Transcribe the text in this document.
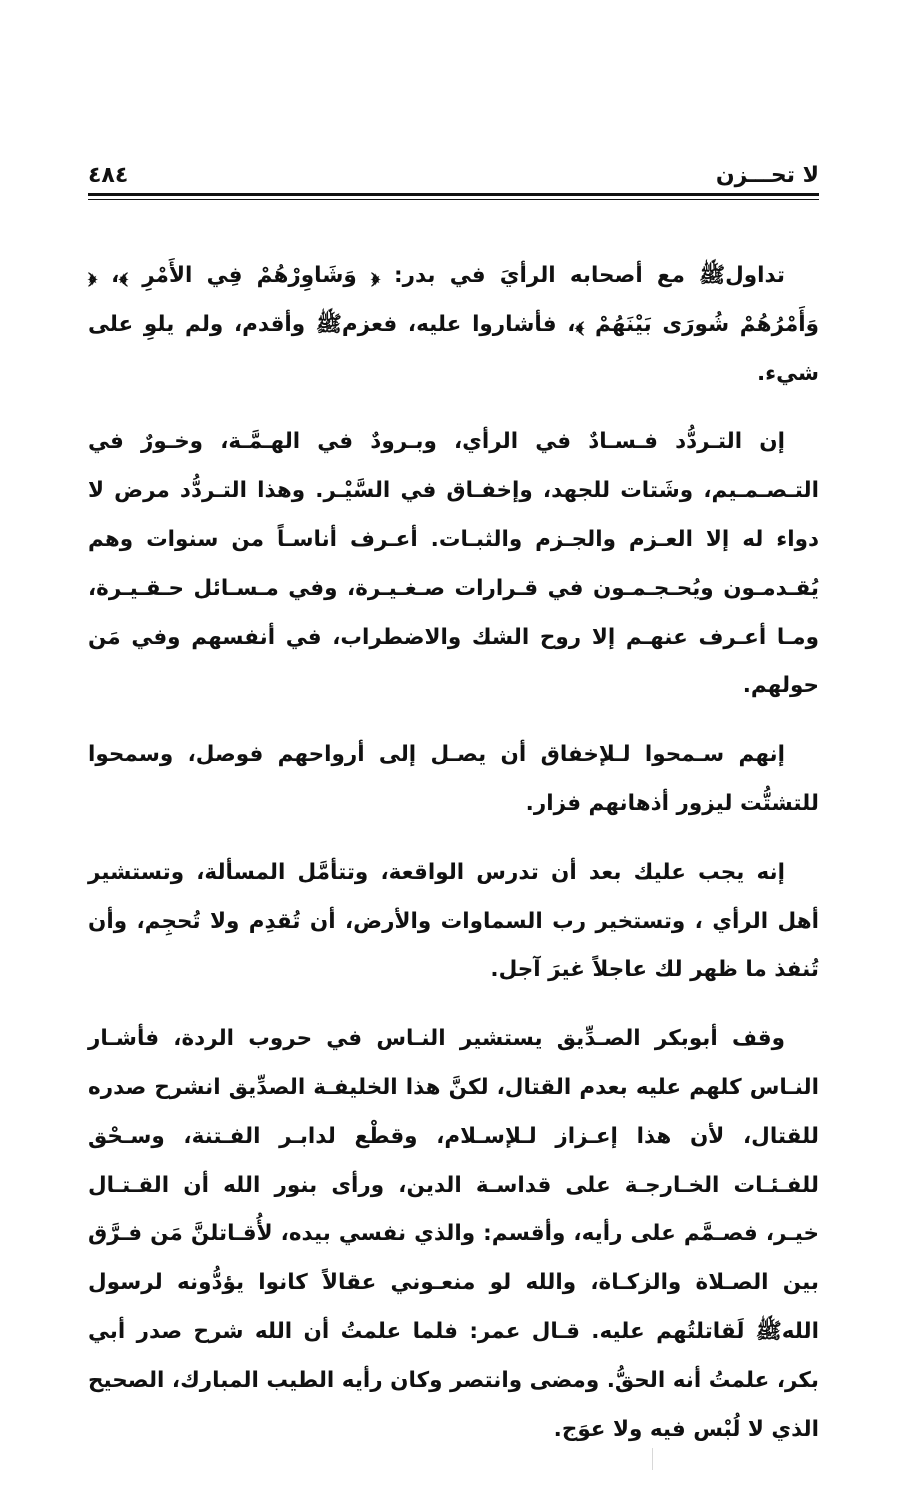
لا تحـــزن
٤٨٤

تداولﷺ مع أصحابه الرأيَ في بدر: ﴿ وَشَاوِرْهُمْ فِي الأَمْرِ ﴾، ﴿ وَأَمْرُهُمْ شُورَى بَيْنَهُمْ ﴾، فأشاروا عليه، فعزمﷺ وأقدم، ولم يلوِ على شيء.

إن التـردُّد فـسـادٌ في الرأي، وبـرودٌ في الهـمَّـة، وخـورٌ في التـصـمـيم، وشَتات للجهد، وإخفـاق في السَّيْـر. وهذا التـردُّد مرض لا دواء له إلا العـزم والجـزم والثبـات. أعـرف أناسـاً من سنوات وهم يُقـدمـون ويُحـجـمـون في قـرارات صـغـيـرة، وفي مـسـائل حـقـيـرة، ومـا أعـرف عنهـم إلا روح الشك والاضطراب، في أنفسهم وفي مَن حولهم.

إنهم سـمحوا لـلإخفاق أن يصـل إلى أرواحهم فوصل، وسمحوا للتشتُّت ليزور أذهانهم فزار.

إنه يجب عليك بعد أن تدرس الواقعة، وتتأمَّل المسألة، وتستشير أهل الرأي ، وتستخير رب السماوات والأرض، أن تُقدِم ولا تُحجِم، وأن تُنفذ ما ظهر لك عاجلاً غيرَ آجل.

وقف أبوبكر الصـدِّيق يستشير النـاس في حروب الردة، فأشـار النـاس كلهم عليه بعدم القتال، لكنَّ هذا الخليفـة الصدِّيق انشرح صدره للقتال، لأن هذا إعـزاز لـلإسـلام، وقطْع لدابـر الفـتنة، وسـحْق للفـئـات الخـارجـة على قداسـة الدين، ورأى بنور الله أن القـتـال خيـر، فصـمَّم على رأيه، وأقسم: والذي نفسي بيده، لأُقـاتلنَّ مَن فـرَّق بين الصـلاة والزكـاة، والله لو منعـوني عقالاً كانوا يؤدُّونه لرسول اللهﷺ لَقاتلتُهم عليه. قـال عمر: فلما علمتُ أن الله شرح صدر أبي بكر، علمتُ أنه الحقُّ. ومضى وانتصر وكان رأيه الطيب المبارك، الصحيح الذي لا لُبْس فيه ولا عوَج.
